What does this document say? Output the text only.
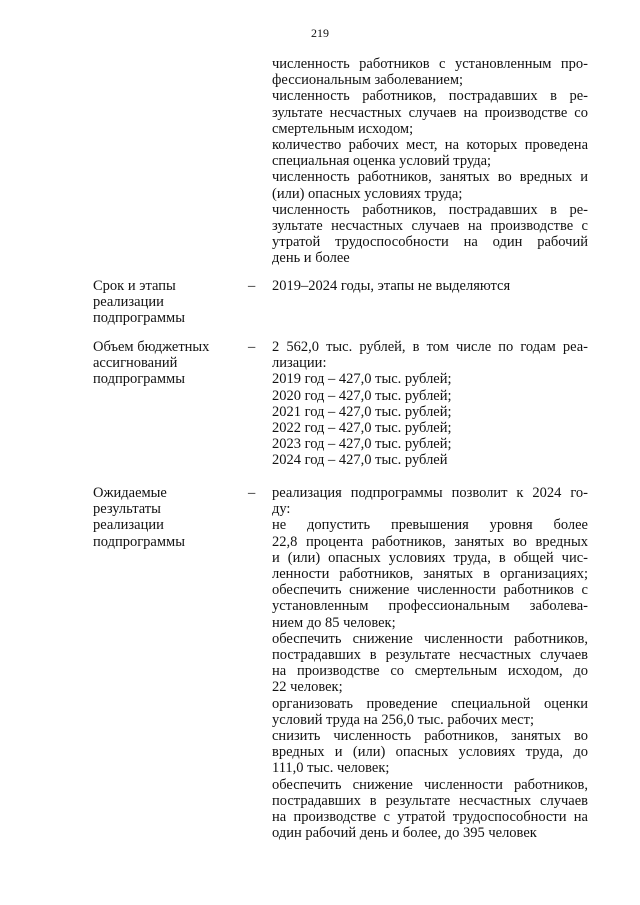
219
численность работников с установленным про-
фессиональным заболеванием;
численность работников, пострадавших в ре-
зультате несчастных случаев на производстве со
смертельным исходом;
количество рабочих мест, на которых проведена
специальная оценка условий труда;
численность работников, занятых во вредных и
(или) опасных условиях труда;
численность работников, пострадавших в ре-
зультате несчастных случаев на производстве с
утратой трудоспособности на один рабочий
день и более
Срок и этапы
реализации
подпрограммы
– 2019–2024 годы, этапы не выделяются
Объем бюджетных
ассигнований
подпрограммы
– 2 562,0 тыс. рублей, в том числе по годам реа-
лизации:
2019 год – 427,0 тыс. рублей;
2020 год – 427,0 тыс. рублей;
2021 год – 427,0 тыс. рублей;
2022 год – 427,0 тыс. рублей;
2023 год – 427,0 тыс. рублей;
2024 год – 427,0 тыс. рублей
Ожидаемые
результаты
реализации
подпрограммы
– реализация подпрограммы позволит к 2024 го-
ду:
не допустить превышения уровня более
22,8 процента работников, занятых во вредных
и (или) опасных условиях труда, в общей чис-
ленности работников, занятых в организациях;
обеспечить снижение численности работников с
установленным профессиональным заболева-
нием до 85 человек;
обеспечить снижение численности работников,
пострадавших в результате несчастных случаев
на производстве со смертельным исходом, до
22 человек;
организовать проведение специальной оценки
условий труда на 256,0 тыс. рабочих мест;
снизить численность работников, занятых во
вредных и (или) опасных условиях труда, до
111,0 тыс. человек;
обеспечить снижение численности работников,
пострадавших в результате несчастных случаев
на производстве с утратой трудоспособности на
один рабочий день и более, до 395 человек
